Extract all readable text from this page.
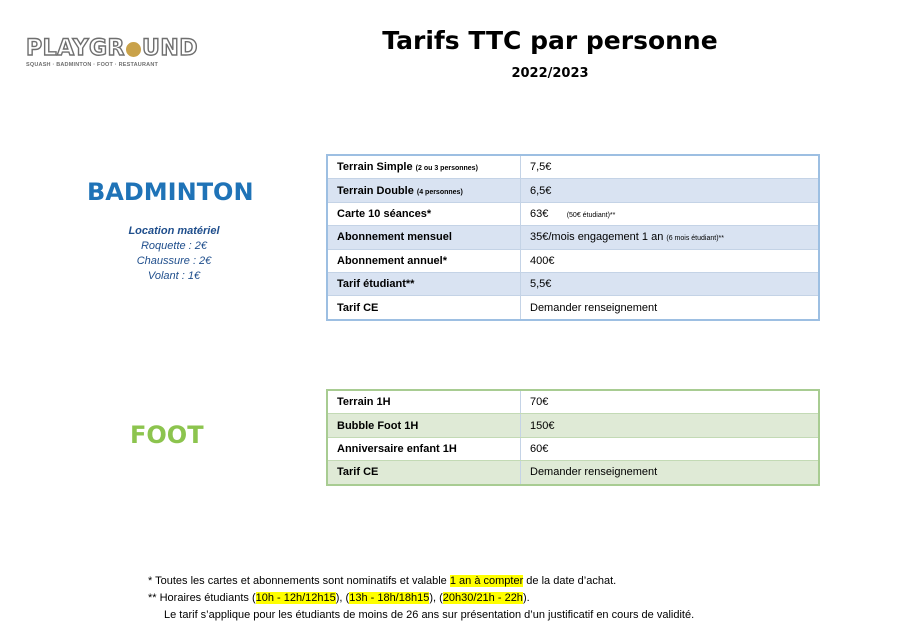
PLAYGR UND
SQUASH · BADMINTON · FOOT · RESTAURANT
Tarifs TTC par personne
2022/2023
BADMINTON
Location matériel
Roquette : 2€
Chaussure : 2€
Volant : 1€
Terrain Simple (2 ou 3 personnes)	7,5€
Terrain Double (4 personnes)	6,5€
Carte 10 séances*	63€ (50€ étudiant)**
Abonnement mensuel	35€/mois engagement 1 an (6 mois étudiant)**
Abonnement annuel*	400€
Tarif étudiant**	5,5€
Tarif CE	Demander renseignement
FOOT
Terrain 1H	70€
Bubble Foot 1H	150€
Anniversaire enfant 1H	60€
Tarif CE	Demander renseignement
* Toutes les cartes et abonnements sont nominatifs et valable 1 an à compter de la date d’achat.
** Horaires étudiants (10h - 12h/12h15), (13h - 18h/18h15), (20h30/21h - 22h).
Le tarif s’applique pour les étudiants de moins de 26 ans sur présentation d’un justificatif en cours de validité.
